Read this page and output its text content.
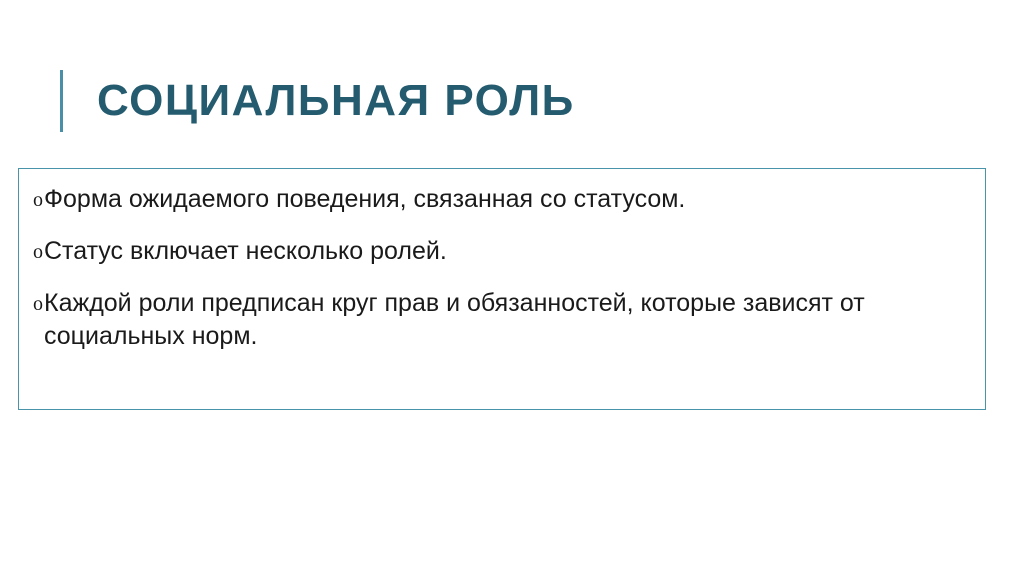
СОЦИАЛЬНАЯ РОЛЬ
o Форма ожидаемого поведения, связанная со статусом.
o Статус включает несколько ролей.
o Каждой роли предписан круг прав и обязанностей, которые зависят от социальных норм.
